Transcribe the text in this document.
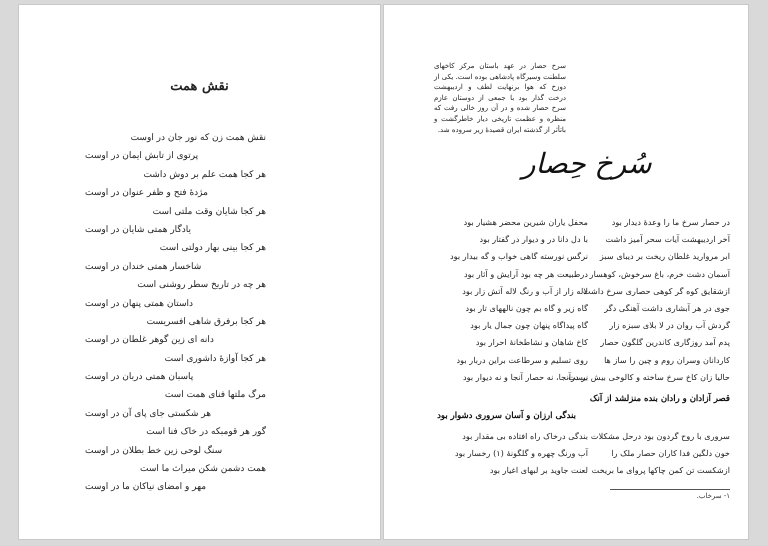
نقش همت
نقش همت زن که نور جان در اوست
پرتوی از تابش ایمان در اوست
هر کجا همت علم بر دوش داشت
مژدهٔ فتح و ظفر عنوان در اوست
هر کجا شایان وقت ملتی است
یادگار همتی شایان در اوست
هر کجا بینی بهار دولتی است
شاخسار همتی خندان در اوست
هر چه در تاریخ سطر روشنی است
داستان همتی پنهان در اوست
هر کجا برفرق شاهی افسریست
دانه ای زین گوهر غلطان در اوست
هر کجا آوازهٔ داشوری است
پاسبان همتی دربان در اوست
مرگ ملتها فنای همت است
هر شکستی جای پای آن در اوست
گور هر قومبکه در خاک فنا است
سنگ لوحی زین خط بطلان در اوست
همت دشمن شکن میراث ما است
مهر و امضای نیاکان ما در اوست

سرخ حصار در عهد باستان مرکز کاخهای سلطنت وسیرگاه پادشاهی بوده است. یکی از دوزخ که هوا برنهایت لطف و اردیبهشت درخت گذار بود با جمعی از دوستان عازم سرخ حصار شده و در آن روز خالی رفت که منظره و عظمت تاریخی دیار خاطرگشت و باتأثر از گذشته ایران قصیدهٔ زیر سروده شد.

سُرخ حِصار
در حصار سرخ ما را وعدهٔ دیدار بود
آخر اردیبهشت آیات سحر آمیز داشت
ابر مروارید غلطان ریخت بر دیبای سبز
آسمان دشت خرم، باغ سرخوش، کوهسار
ازشقایق کوه گر کوهی حصاری سرخ داشت
جوی در هر آبشاری داشت آهنگی دگر
گردش آب روان در لا بلای سبزه زار
پدم آمد روزگاری کاندرین گلگون حصار
کاردانان وسران روم و چین را ساز ها
حالیا زان کاخ سرخ ساخته و کالوخی بیش نیست
محفل یاران شیرین محضر هشیار بود
با دل دانا در و دیوار در گفتار بود
نرگس نورسته گاهی خواب و گه بیدار بود
درطبیعت هر چه بود آرایش و آثار بود
لاله زار از آب و رنگ لاله آتش زار بود
گاه زیر و گاه بم چون نالههای تار بود
گاه پیداگاه پنهان چون جمال یار بود
کاخ شاهان و نشاطخانهٔ احرار بود
روی تسلیم و سرطاعت براین دربار بود
بر درآنجا، نه حصار آنجا و نه دیوار بود
قصر آزادان و رادان بنده منزلشد از آنک
بندگی ارزان و آسان سروری دشوار بود
سروری با روح گردون بود درحل مشکلات
خون دلگین فدا کاران حصار ملک را
ازشکست تن کمن چاکها پروای ما بریخت
بندگی درخاک راه افتاده بی مقدار بود
آب ورنگ چهره و گلگونهٔ (۱) رخسار بود
لعنت جاوید بر لبهای اغیار بود
۱- سرخاب.
